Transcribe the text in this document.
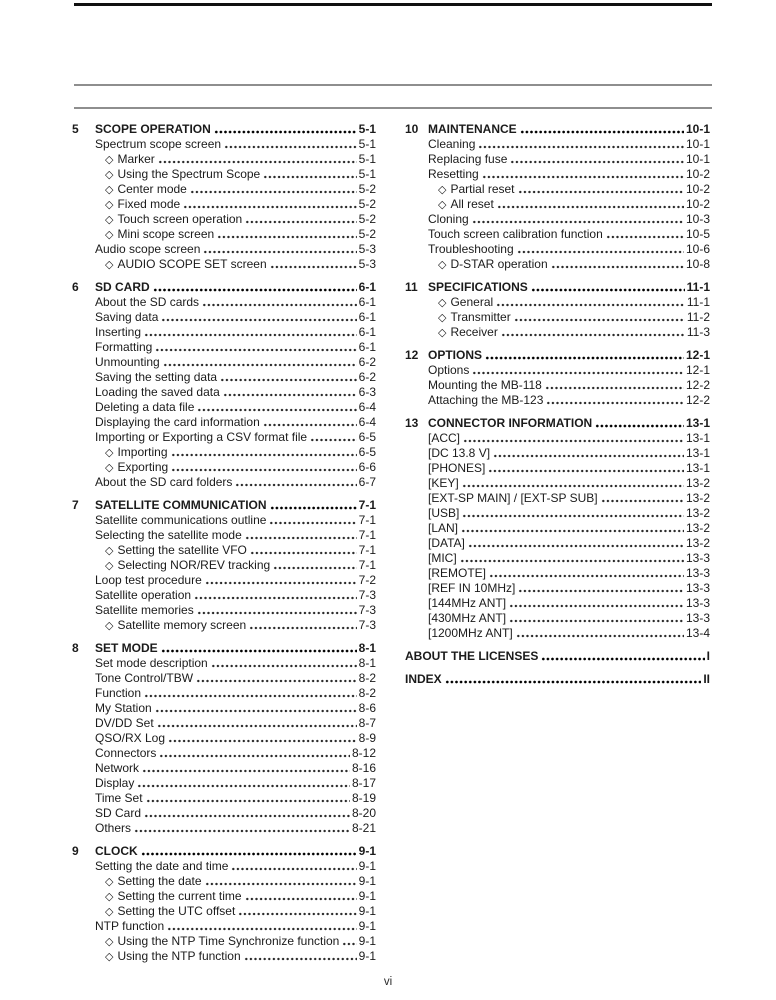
5	SCOPE OPERATION	5-1
Spectrum scope screen	5-1
◇ Marker	5-1
◇ Using the Spectrum Scope	5-1
◇ Center mode	5-2
◇ Fixed mode	5-2
◇ Touch screen operation	5-2
◇ Mini scope screen	5-2
Audio scope screen	5-3
◇ AUDIO SCOPE SET screen	5-3
6	SD CARD	6-1
About the SD cards	6-1
Saving data	6-1
Inserting	6-1
Formatting	6-1
Unmounting	6-2
Saving the setting data	6-2
Loading the saved data	6-3
Deleting a data file	6-4
Displaying the card information	6-4
Importing or Exporting a CSV format file	6-5
◇ Importing	6-5
◇ Exporting	6-6
About the SD card folders	6-7
7	SATELLITE COMMUNICATION	7-1
Satellite communications outline	7-1
Selecting the satellite mode	7-1
◇ Setting the satellite VFO	7-1
◇ Selecting NOR/REV tracking	7-1
Loop test procedure	7-2
Satellite operation	7-3
Satellite memories	7-3
◇ Satellite memory screen	7-3
8	SET MODE	8-1
Set mode description	8-1
Tone Control/TBW	8-2
Function	8-2
My Station	8-6
DV/DD Set	8-7
QSO/RX Log	8-9
Connectors	8-12
Network	8-16
Display	8-17
Time Set	8-19
SD Card	8-20
Others	8-21
9	CLOCK	9-1
Setting the date and time	9-1
◇ Setting the date	9-1
◇ Setting the current time	9-1
◇ Setting the UTC offset	9-1
NTP function	9-1
◇ Using the NTP Time Synchronize function 9-1
◇ Using the NTP function	9-1
10 MAINTENANCE	10-1
Cleaning	10-1
Replacing fuse	10-1
Resetting	10-2
◇ Partial reset	10-2
◇ All reset	10-2
Cloning	10-3
Touch screen calibration function	10-5
Troubleshooting	10-6
◇ D-STAR operation	10-8
11 SPECIFICATIONS	11-1
◇ General	11-1
◇ Transmitter	11-2
◇ Receiver	11-3
12 OPTIONS	12-1
Options	12-1
Mounting the MB-118	12-2
Attaching the MB-123	12-2
13 CONNECTOR INFORMATION	13-1
[ACC]	13-1
[DC 13.8 V]	13-1
[PHONES]	13-1
[KEY]	13-2
[EXT-SP MAIN] / [EXT-SP SUB]	13-2
[USB]	13-2
[LAN]	13-2
[DATA]	13-2
[MIC]	13-3
[REMOTE]	13-3
[REF IN 10MHz]	13-3
[144MHz ANT]	13-3
[430MHz ANT]	13-3
[1200MHz ANT]	13-4
ABOUT THE LICENSES	I
INDEX	II
vi
